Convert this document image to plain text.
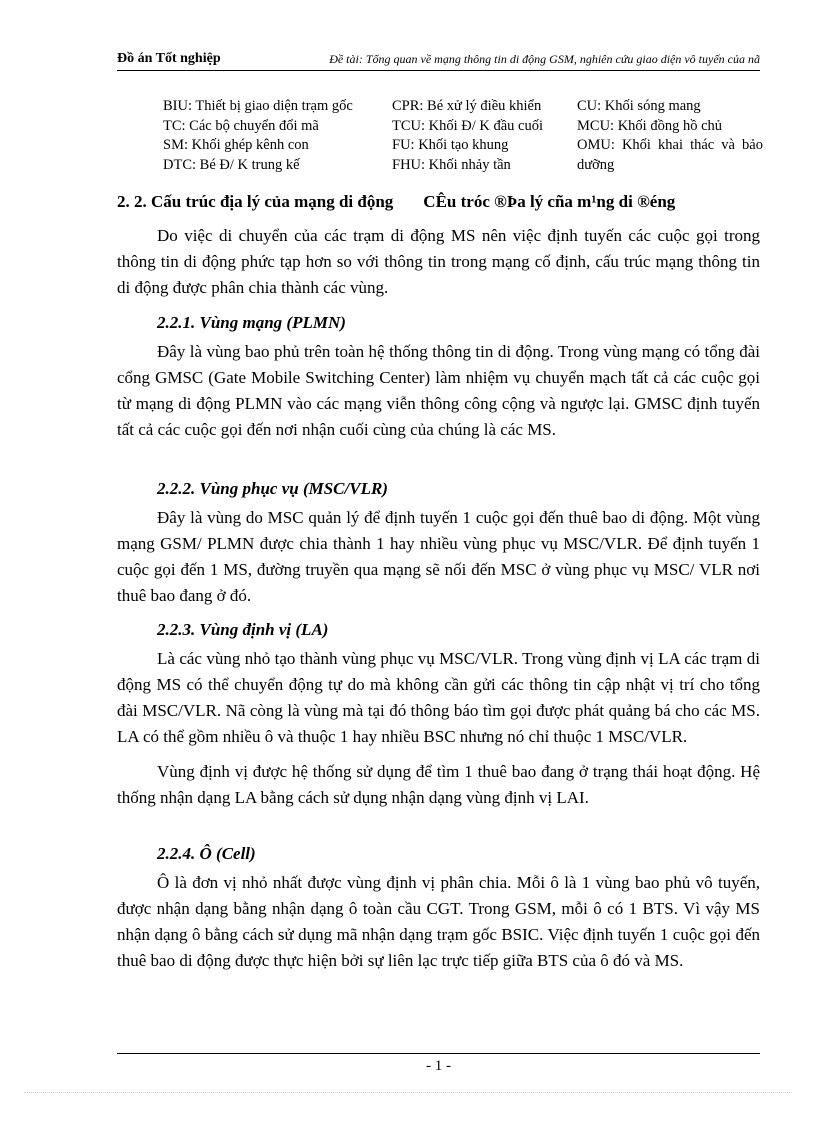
Đồ án Tốt nghiệp	Đề tài: Tổng quan về mạng thông tin di động GSM, nghiên cứu giao diện vô tuyến của nã
BIU: Thiết bị giao diện trạm gốc	CPR: Bé xử lý điều khiển	CU: Khối sóng mang
TC: Các bộ chuyển đổi mã	TCU: Khối Đ/ K đầu cuối	MCU: Khối đồng hồ chủ
SM: Khối ghép kênh con	FU: Khối tạo khung	OMU: Khối khai thác và bảo dưỡng
DTC: Bé Đ/ K trung kế	FHU: Khối nhảy tần
2. 2. Cấu trúc địa lý của mạng di động CÊu tróc ®Þa lý cña m¹ng di ®éng

Do việc di chuyển của các trạm di động MS nên việc định tuyến các cuộc gọi trong thông tin di động phức tạp hơn so với thông tin trong mạng cố định, cấu trúc mạng thông tin di động được phân chia thành các vùng.

2.2.1. Vùng mạng (PLMN)

Đây là vùng bao phủ trên toàn hệ thống thông tin di động. Trong vùng mạng có tổng đài cổng GMSC (Gate Mobile Switching Center) làm nhiệm vụ chuyển mạch tất cả các cuộc gọi từ mạng di động PLMN vào các mạng viễn thông công cộng và ngược lại. GMSC định tuyến tất cả các cuộc gọi đến nơi nhận cuối cùng của chúng là các MS.

2.2.2. Vùng phục vụ (MSC/VLR)

Đây là vùng do MSC quản lý để định tuyến 1 cuộc gọi đến thuê bao di động. Một vùng mạng GSM/ PLMN được chia thành 1 hay nhiều vùng phục vụ MSC/VLR. Để định tuyến 1 cuộc gọi đến 1 MS, đường truyền qua mạng sẽ nối đến MSC ở vùng phục vụ MSC/ VLR nơi thuê bao đang ở đó.

2.2.3. Vùng định vị (LA)

Là các vùng nhỏ tạo thành vùng phục vụ MSC/VLR. Trong vùng định vị LA các trạm di động MS có thể chuyển động tự do mà không cần gửi các thông tin cập nhật vị trí cho tổng đài MSC/VLR. Nã còng là vùng mà tại đó thông báo tìm gọi được phát quảng bá cho các MS. LA có thể gồm nhiều ô và thuộc 1 hay nhiều BSC nhưng nó chỉ thuộc 1 MSC/VLR.

Vùng định vị được hệ thống sử dụng để tìm 1 thuê bao đang ở trạng thái hoạt động. Hệ thống nhận dạng LA bằng cách sử dụng nhận dạng vùng định vị LAI.

2.2.4. Ô (Cell)

Ô là đơn vị nhỏ nhất được vùng định vị phân chia. Mỗi ô là 1 vùng bao phủ vô tuyến, được nhận dạng bằng nhận dạng ô toàn cầu CGT. Trong GSM, mỗi ô có 1 BTS. Vì vậy MS nhận dạng ô bằng cách sử dụng mã nhận dạng trạm gốc BSIC. Việc định tuyến 1 cuộc gọi đến thuê bao di động được thực hiện bởi sự liên lạc trực tiếp giữa BTS của ô đó và MS.

- 1 -
